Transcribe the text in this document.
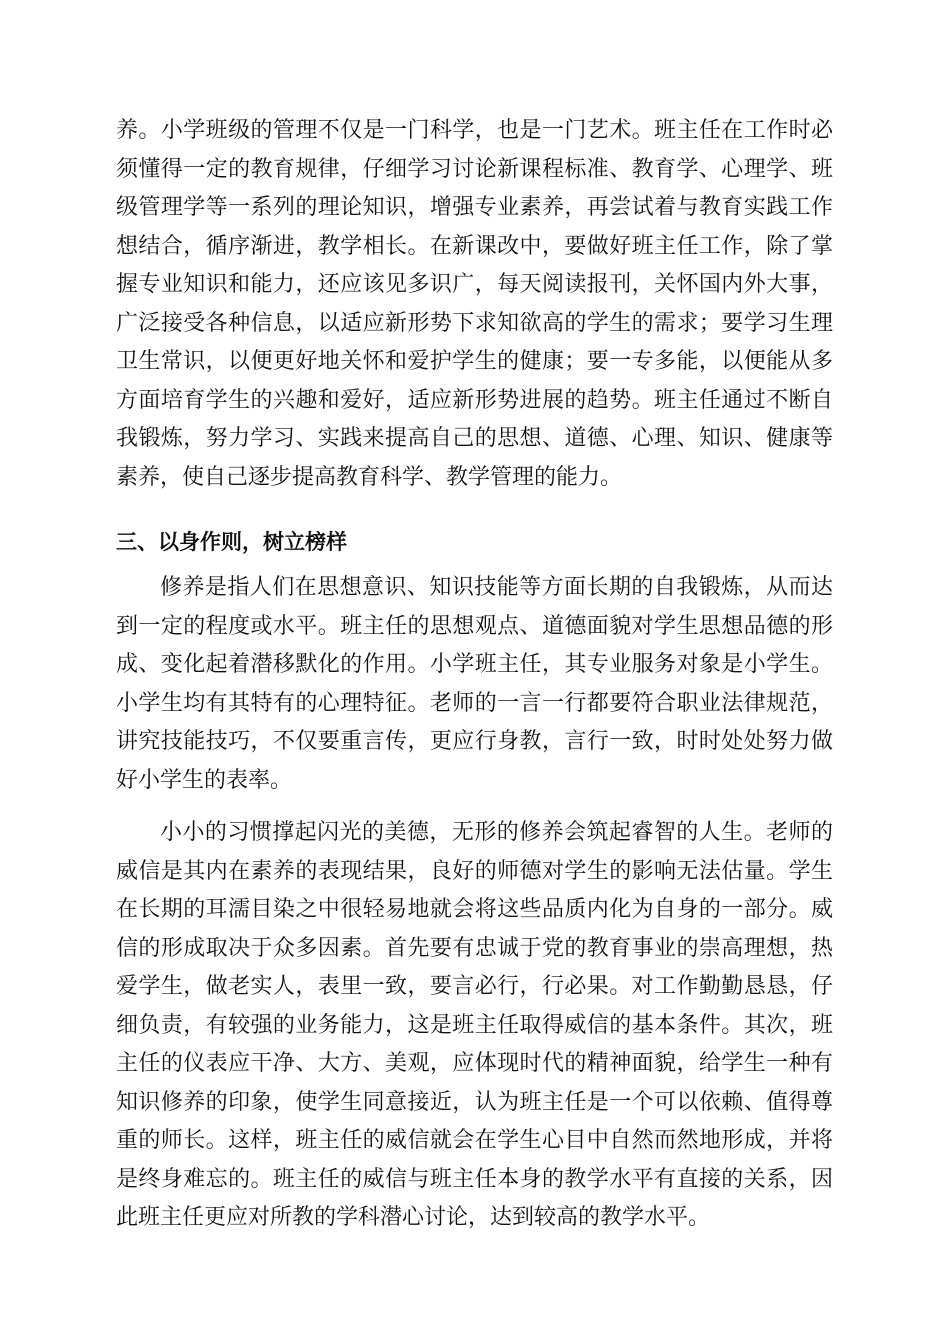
养。小学班级的管理不仅是一门科学，也是一门艺术。班主任在工作时必须懂得一定的教育规律，仔细学习讨论新课程标准、教育学、心理学、班级管理学等一系列的理论知识，增强专业素养，再尝试着与教育实践工作想结合，循序渐进，教学相长。在新课改中，要做好班主任工作，除了掌握专业知识和能力，还应该见多识广，每天阅读报刊，关怀国内外大事，广泛接受各种信息，以适应新形势下求知欲高的学生的需求；要学习生理卫生常识，以便更好地关怀和爱护学生的健康；要一专多能，以便能从多方面培育学生的兴趣和爱好，适应新形势进展的趋势。班主任通过不断自我锻炼，努力学习、实践来提高自己的思想、道德、心理、知识、健康等素养，使自己逐步提高教育科学、教学管理的能力。

三、以身作则，树立榜样

修养是指人们在思想意识、知识技能等方面长期的自我锻炼，从而达到一定的程度或水平。班主任的思想观点、道德面貌对学生思想品德的形成、变化起着潜移默化的作用。小学班主任，其专业服务对象是小学生。小学生均有其特有的心理特征。老师的一言一行都要符合职业法律规范，讲究技能技巧，不仅要重言传，更应行身教，言行一致，时时处处努力做好小学生的表率。

小小的习惯撑起闪光的美德，无形的修养会筑起睿智的人生。老师的威信是其内在素养的表现结果，良好的师德对学生的影响无法估量。学生在长期的耳濡目染之中很轻易地就会将这些品质内化为自身的一部分。威信的形成取决于众多因素。首先要有忠诚于党的教育事业的崇高理想，热爱学生，做老实人，表里一致，要言必行，行必果。对工作勤勤恳恳，仔细负责，有较强的业务能力，这是班主任取得威信的基本条件。其次，班主任的仪表应干净、大方、美观，应体现时代的精神面貌，给学生一种有知识修养的印象，使学生同意接近，认为班主任是一个可以依赖、值得尊重的师长。这样，班主任的威信就会在学生心目中自然而然地形成，并将是终身难忘的。班主任的威信与班主任本身的教学水平有直接的关系，因此班主任更应对所教的学科潜心讨论，达到较高的教学水平。
